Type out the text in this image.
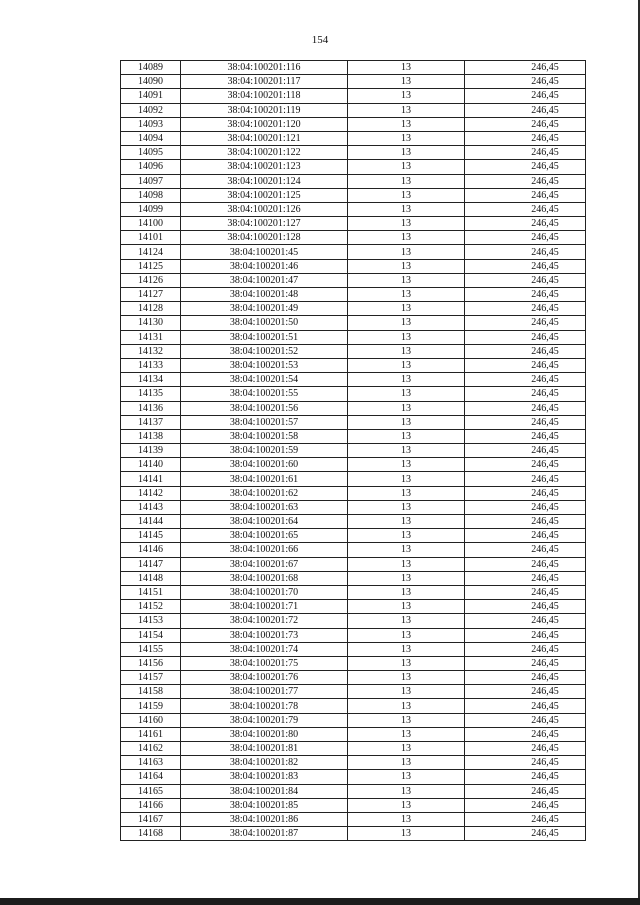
154
14089	38:04:100201:116	13	246,45
14090	38:04:100201:117	13	246,45
14091	38:04:100201:118	13	246,45
14092	38:04:100201:119	13	246,45
14093	38:04:100201:120	13	246,45
14094	38:04:100201:121	13	246,45
14095	38:04:100201:122	13	246,45
14096	38:04:100201:123	13	246,45
14097	38:04:100201:124	13	246,45
14098	38:04:100201:125	13	246,45
14099	38:04:100201:126	13	246,45
14100	38:04:100201:127	13	246,45
14101	38:04:100201:128	13	246,45
14124	38:04:100201:45	13	246,45
14125	38:04:100201:46	13	246,45
14126	38:04:100201:47	13	246,45
14127	38:04:100201:48	13	246,45
14128	38:04:100201:49	13	246,45
14130	38:04:100201:50	13	246,45
14131	38:04:100201:51	13	246,45
14132	38:04:100201:52	13	246,45
14133	38:04:100201:53	13	246,45
14134	38:04:100201:54	13	246,45
14135	38:04:100201:55	13	246,45
14136	38:04:100201:56	13	246,45
14137	38:04:100201:57	13	246,45
14138	38:04:100201:58	13	246,45
14139	38:04:100201:59	13	246,45
14140	38:04:100201:60	13	246,45
14141	38:04:100201:61	13	246,45
14142	38:04:100201:62	13	246,45
14143	38:04:100201:63	13	246,45
14144	38:04:100201:64	13	246,45
14145	38:04:100201:65	13	246,45
14146	38:04:100201:66	13	246,45
14147	38:04:100201:67	13	246,45
14148	38:04:100201:68	13	246,45
14151	38:04:100201:70	13	246,45
14152	38:04:100201:71	13	246,45
14153	38:04:100201:72	13	246,45
14154	38:04:100201:73	13	246,45
14155	38:04:100201:74	13	246,45
14156	38:04:100201:75	13	246,45
14157	38:04:100201:76	13	246,45
14158	38:04:100201:77	13	246,45
14159	38:04:100201:78	13	246,45
14160	38:04:100201:79	13	246,45
14161	38:04:100201:80	13	246,45
14162	38:04:100201:81	13	246,45
14163	38:04:100201:82	13	246,45
14164	38:04:100201:83	13	246,45
14165	38:04:100201:84	13	246,45
14166	38:04:100201:85	13	246,45
14167	38:04:100201:86	13	246,45
14168	38:04:100201:87	13	246,45
